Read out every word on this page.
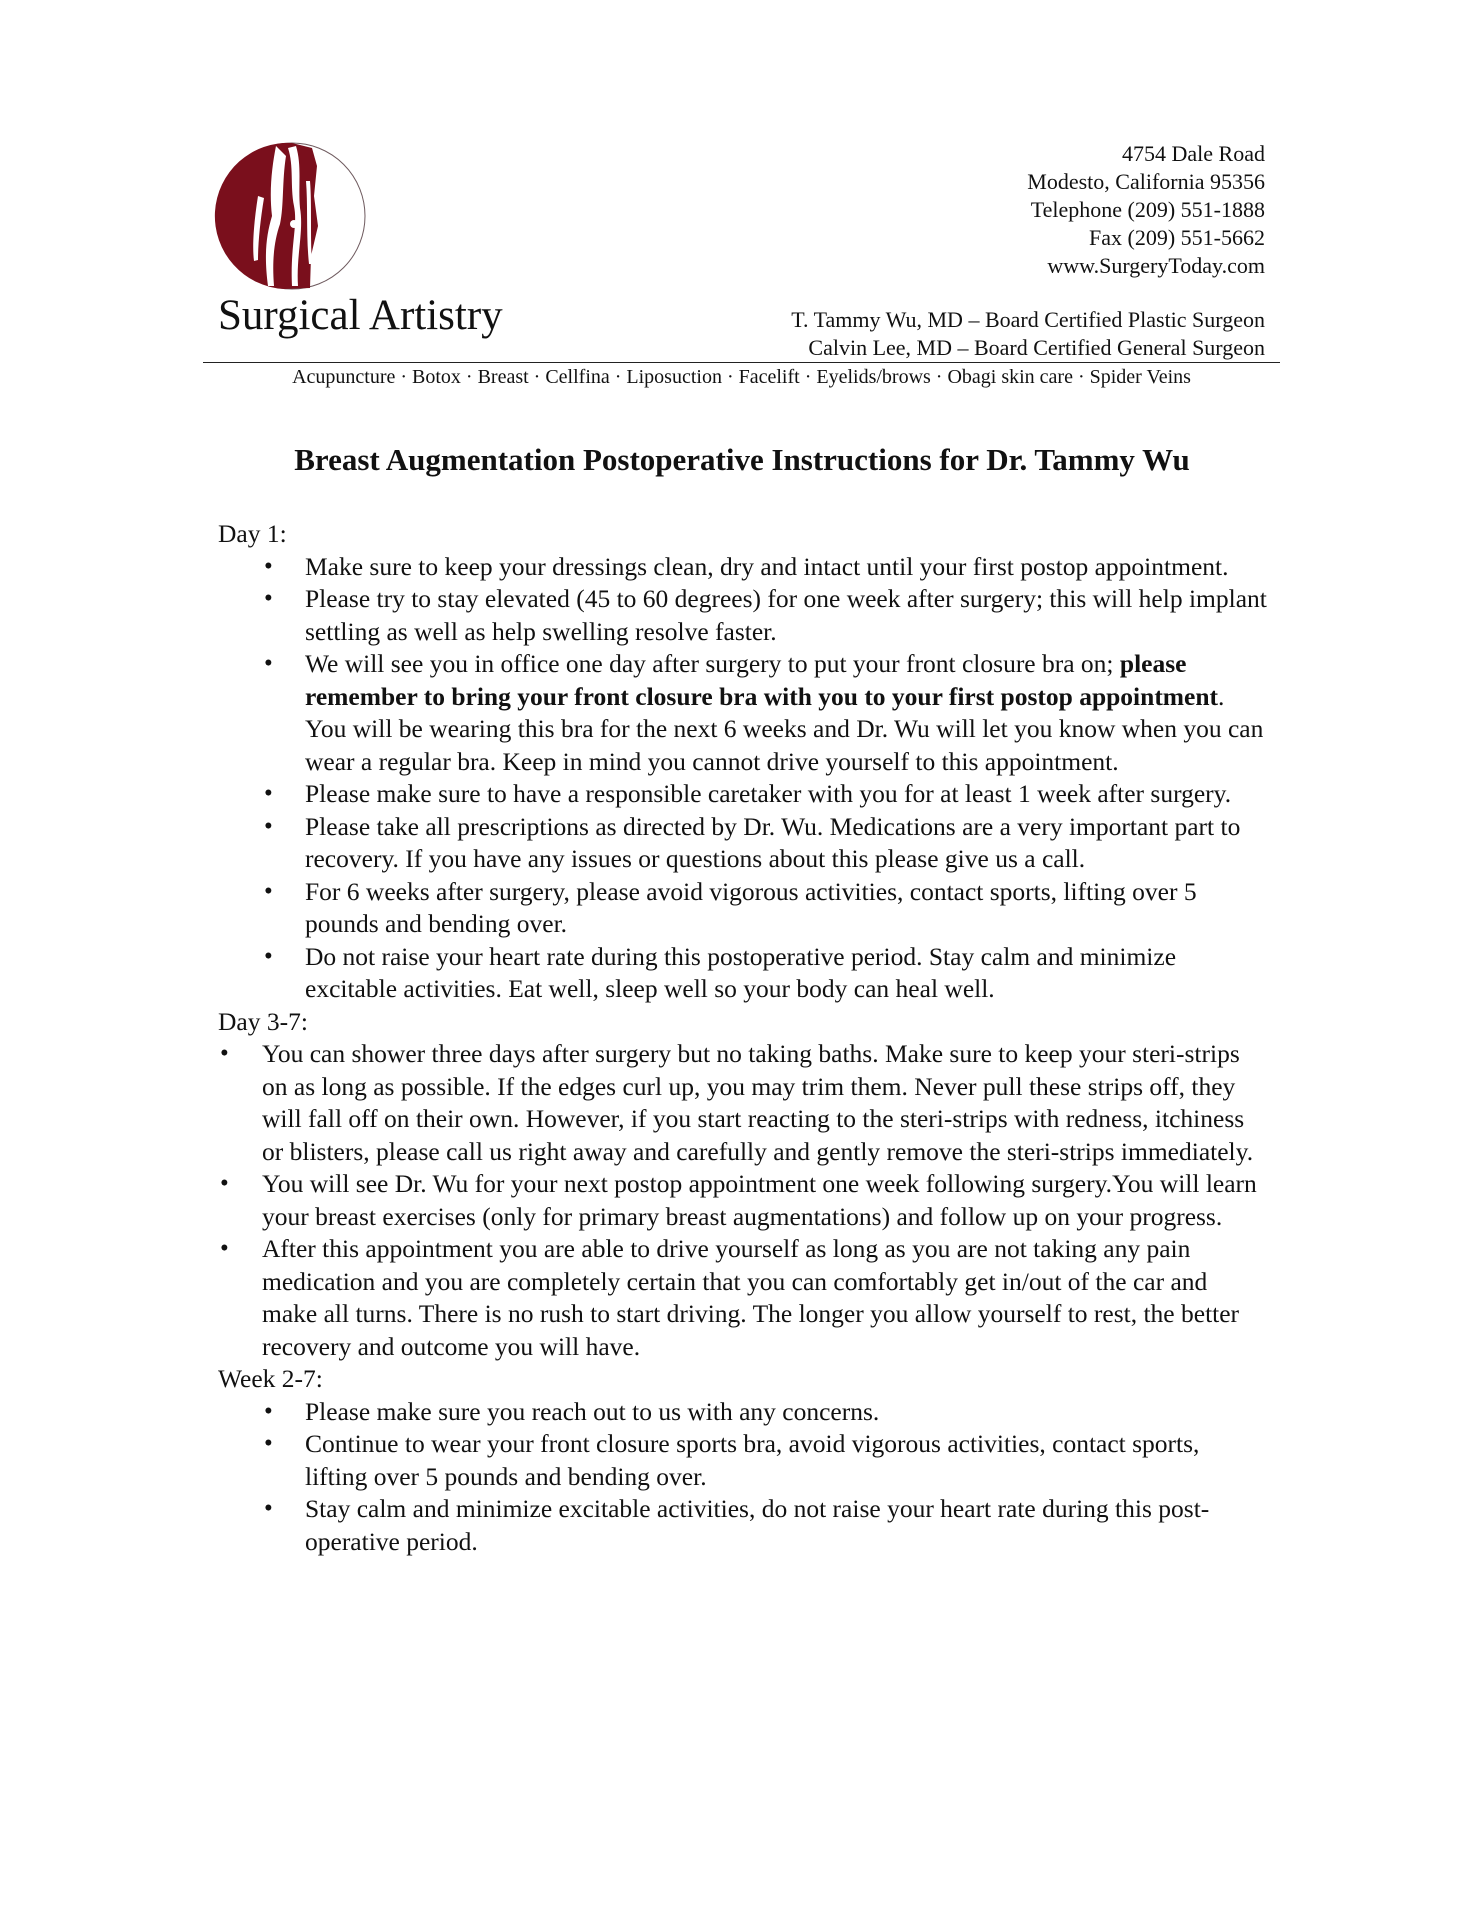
Surgical Artistry
4754 Dale Road
Modesto, California 95356
Telephone (209) 551-1888
Fax (209) 551-5662
www.SurgeryToday.com
T. Tammy Wu, MD – Board Certified Plastic Surgeon
Calvin Lee, MD – Board Certified General Surgeon
Acupuncture · Botox · Breast · Cellfina · Liposuction · Facelift · Eyelids/brows · Obagi skin care · Spider Veins
Breast Augmentation Postoperative Instructions for Dr. Tammy Wu

Day 1:

• Make sure to keep your dressings clean, dry and intact until your first postop appointment.
• Please try to stay elevated (45 to 60 degrees) for one week after surgery; this will help implant settling as well as help swelling resolve faster.
• We will see you in office one day after surgery to put your front closure bra on; please remember to bring your front closure bra with you to your first postop appointment. You will be wearing this bra for the next 6 weeks and Dr. Wu will let you know when you can wear a regular bra. Keep in mind you cannot drive yourself to this appointment.
• Please make sure to have a responsible caretaker with you for at least 1 week after surgery.
• Please take all prescriptions as directed by Dr. Wu. Medications are a very important part to recovery. If you have any issues or questions about this please give us a call.
• For 6 weeks after surgery, please avoid vigorous activities, contact sports, lifting over 5 pounds and bending over.
• Do not raise your heart rate during this postoperative period. Stay calm and minimize excitable activities. Eat well, sleep well so your body can heal well.

Day 3-7:

• You can shower three days after surgery but no taking baths. Make sure to keep your steri-strips on as long as possible. If the edges curl up, you may trim them. Never pull these strips off, they will fall off on their own. However, if you start reacting to the steri-strips with redness, itchiness or blisters, please call us right away and carefully and gently remove the steri-strips immediately.
• You will see Dr. Wu for your next postop appointment one week following surgery.You will learn your breast exercises (only for primary breast augmentations) and follow up on your progress.
• After this appointment you are able to drive yourself as long as you are not taking any pain medication and you are completely certain that you can comfortably get in/out of the car and make all turns. There is no rush to start driving. The longer you allow yourself to rest, the better recovery and outcome you will have.

Week 2-7:

• Please make sure you reach out to us with any concerns.
• Continue to wear your front closure sports bra, avoid vigorous activities, contact sports, lifting over 5 pounds and bending over.
• Stay calm and minimize excitable activities, do not raise your heart rate during this post-operative period.
